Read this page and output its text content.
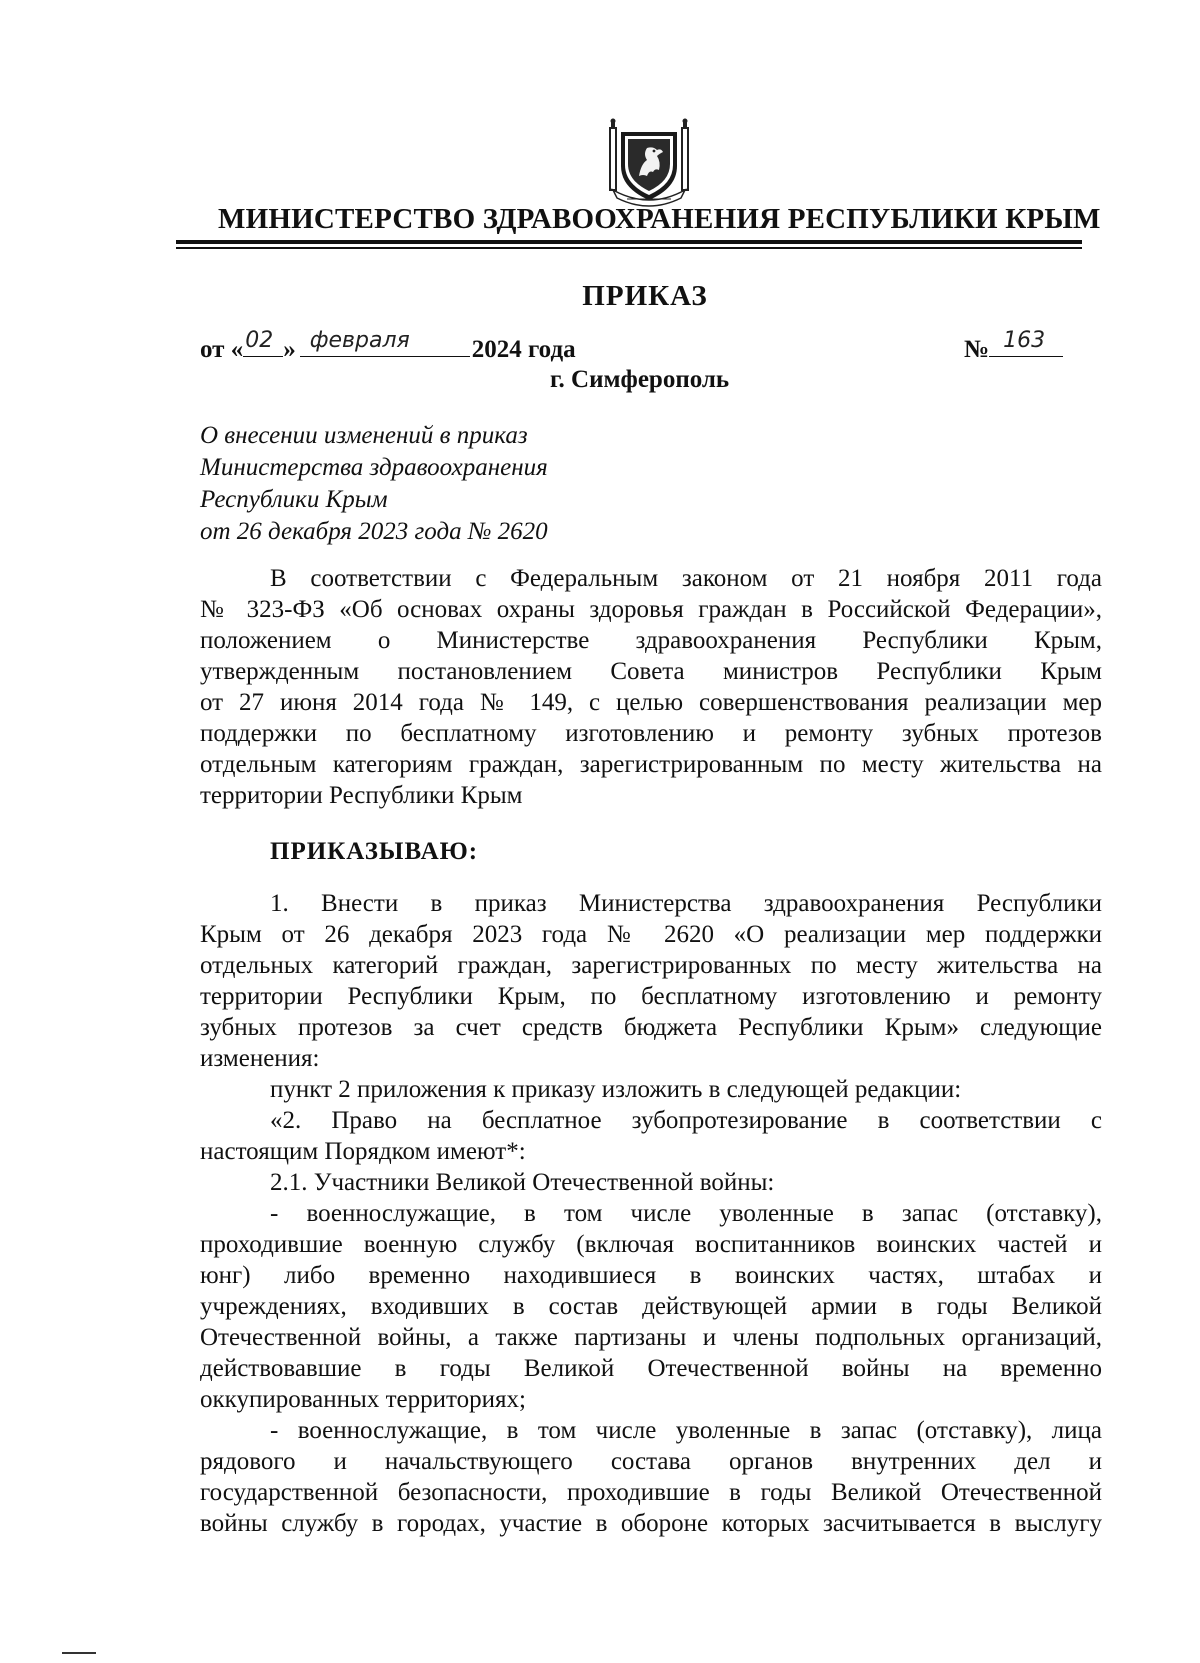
МИНИСТЕРСТВО ЗДРАВООХРАНЕНИЯ РЕСПУБЛИКИ КРЫМ
ПРИКАЗ
от « 02 » февраля 2024 года	№ 163
г. Симферополь
О внесении изменений в приказ
Министерства здравоохранения
Республики Крым
от 26 декабря 2023 года № 2620
В соответствии с Федеральным законом от 21 ноября 2011 года
№ 323-ФЗ «Об основах охраны здоровья граждан в Российской Федерации»,
положением о Министерстве здравоохранения Республики Крым,
утвержденным постановлением Совета министров Республики Крым
от 27 июня 2014 года № 149, с целью совершенствования реализации мер
поддержки по бесплатному изготовлению и ремонту зубных протезов
отдельным категориям граждан, зарегистрированным по месту жительства на
территории Республики Крым
ПРИКАЗЫВАЮ:
1. Внести в приказ Министерства здравоохранения Республики
Крым от 26 декабря 2023 года № 2620 «О реализации мер поддержки
отдельных категорий граждан, зарегистрированных по месту жительства на
территории Республики Крым, по бесплатному изготовлению и ремонту
зубных протезов за счет средств бюджета Республики Крым» следующие
изменения:
пункт 2 приложения к приказу изложить в следующей редакции:
«2. Право на бесплатное зубопротезирование в соответствии с
настоящим Порядком имеют*:
2.1. Участники Великой Отечественной войны:
- военнослужащие, в том числе уволенные в запас (отставку),
проходившие военную службу (включая воспитанников воинских частей и
юнг) либо временно находившиеся в воинских частях, штабах и
учреждениях, входивших в состав действующей армии в годы Великой
Отечественной войны, а также партизаны и члены подпольных организаций,
действовавшие в годы Великой Отечественной войны на временно
оккупированных территориях;
- военнослужащие, в том числе уволенные в запас (отставку), лица
рядового и начальствующего состава органов внутренних дел и
государственной безопасности, проходившие в годы Великой Отечественной
войны службу в городах, участие в обороне которых засчитывается в выслугу
